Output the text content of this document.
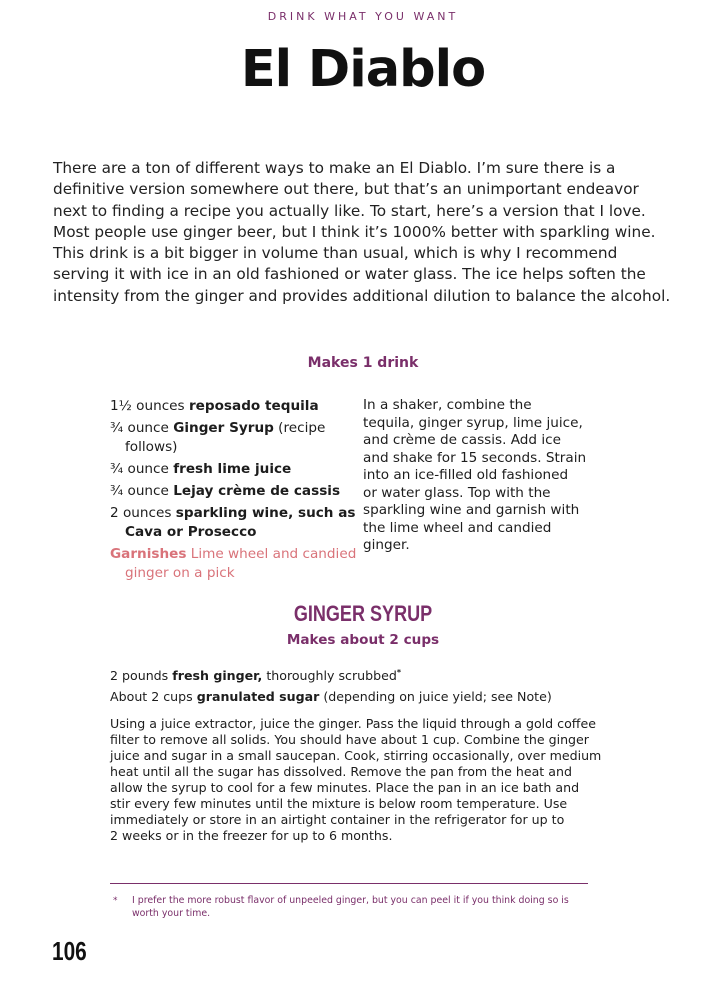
DRINK WHAT YOU WANT
El Diablo

There are a ton of different ways to make an El Diablo. I’m sure there is a

definitive version somewhere out there, but that’s an unimportant endeavor

next to finding a recipe you actually like. To start, here’s a version that I love.

Most people use ginger beer, but I think it’s 1000% better with sparkling wine.

This drink is a bit bigger in volume than usual, which is why I recommend

serving it with ice in an old fashioned or water glass. The ice helps soften the

intensity from the ginger and provides additional dilution to balance the alcohol.

Makes 1 drink

1½ ounces reposado tequila

¾ ounce Ginger Syrup (recipe follows)

¾ ounce fresh lime juice

¾ ounce Lejay crème de cassis

2 ounces sparkling wine, such as Cava or Prosecco

Garnishes Lime wheel and candied ginger on a pick

In a shaker, combine the

tequila, ginger syrup, lime juice,

and crème de cassis. Add ice

and shake for 15 seconds. Strain

into an ice-filled old fashioned

or water glass. Top with the

sparkling wine and garnish with

the lime wheel and candied

ginger.

GINGER SYRUP
Makes about 2 cups

2 pounds fresh ginger, thoroughly scrubbed*

About 2 cups granulated sugar (depending on juice yield; see Note)

Using a juice extractor, juice the ginger. Pass the liquid through a gold coffee

filter to remove all solids. You should have about 1 cup. Combine the ginger

juice and sugar in a small saucepan. Cook, stirring occasionally, over medium

heat until all the sugar has dissolved. Remove the pan from the heat and

allow the syrup to cool for a few minutes. Place the pan in an ice bath and

stir every few minutes until the mixture is below room temperature. Use

immediately or store in an airtight container in the refrigerator for up to

2 weeks or in the freezer for up to 6 months.

* I prefer the more robust flavor of unpeeled ginger, but you can peel it if you think doing so is

worth your time.

106
